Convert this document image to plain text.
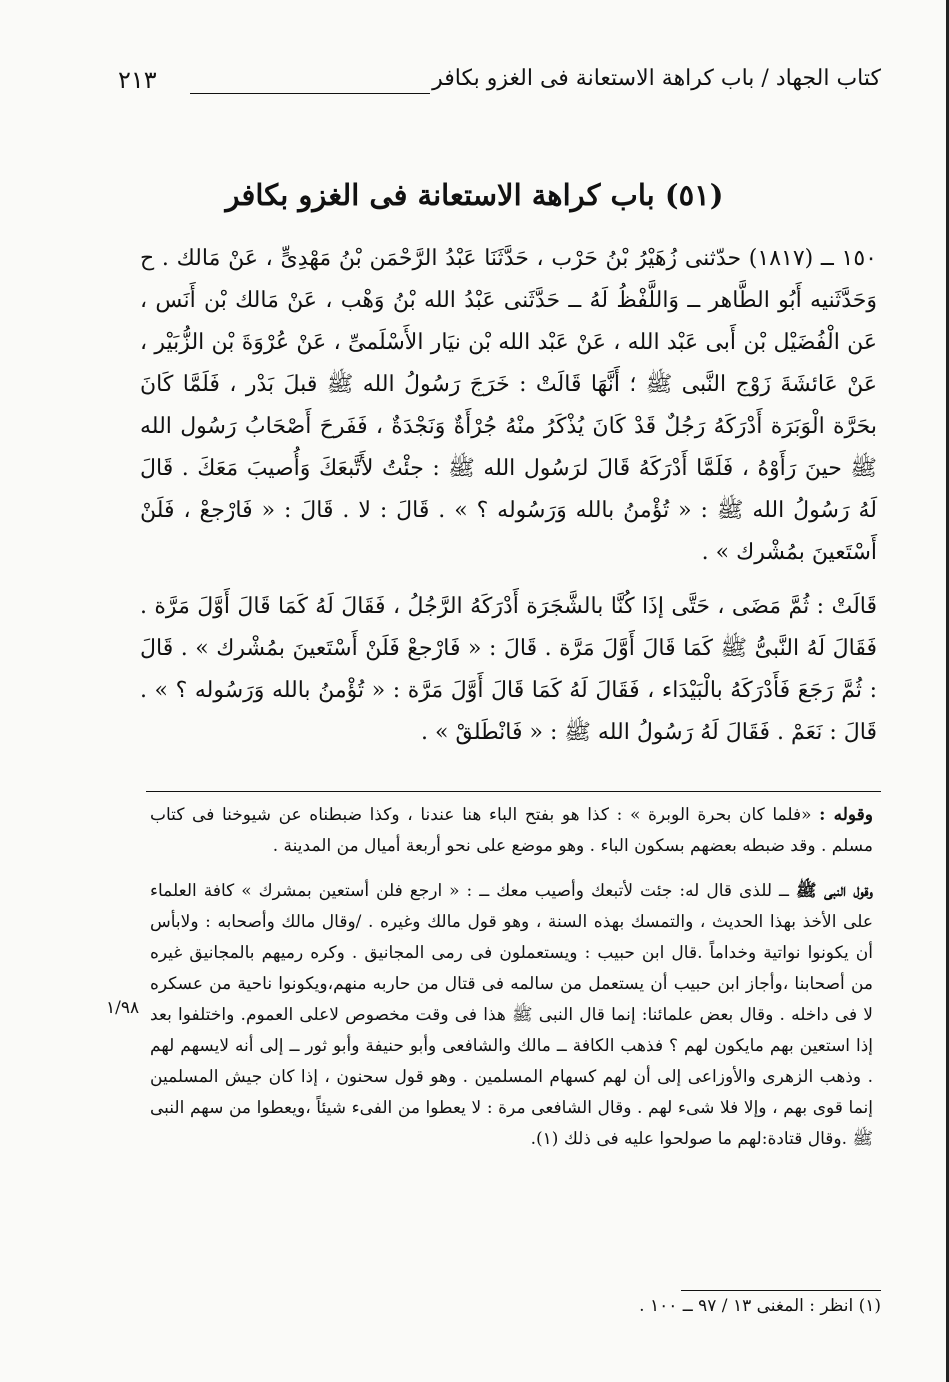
كتاب الجهاد / باب كراهة الاستعانة فى الغزو بكافر
٢١٣
(٥١) باب كراهة الاستعانة فى الغزو بكافر

١٥٠ ــ (١٨١٧) حدّثنى زُهَيْرُ بْنُ حَرْب ، حَدَّثَنَا عَبْدُ الرَّحْمَن بْنُ مَهْدِىٍّ ، عَنْ مَالك . ح وَحَدَّثَنيه أَبُو الطَّاهر ــ وَاللَّفْظُ لَهُ ــ حَدَّثَنى عَبْدُ الله بْنُ وَهْب ، عَنْ مَالك بْن أَنَس ، عَن الْفُضَيْل بْن أَبى عَبْد الله ، عَنْ عَبْد الله بْن نيَار الأَسْلَمىِّ ، عَنْ عُرْوَةَ بْن الزُّبَيْر ، عَنْ عَائشَةَ زَوْج النَّبى ﷺ ؛ أَنَّهَا قَالَتْ : خَرَجَ رَسُولُ الله ﷺ قبلَ بَدْر ، فَلَمَّا كَانَ بحَرَّة الْوَبَرَة أَدْرَكَهُ رَجُلٌ قَدْ كَانَ يُذْكَرُ منْهُ جُرْأَةٌ وَنَجْدَةٌ ، فَفَرحَ أَصْحَابُ رَسُول الله ﷺ حينَ رَأَوْهُ ، فَلَمَّا أَدْرَكَهُ قَالَ لرَسُول الله ﷺ : جئْتُ لأَتَّبعَكَ وَأُصيبَ مَعَكَ . قَالَ لَهُ رَسُولُ الله ﷺ : « تُؤْمنُ بالله وَرَسُوله ؟ » . قَالَ : لا . قَالَ : « فَارْجعْ ، فَلَنْ أَسْتَعينَ بمُشْرك » .

قَالَتْ : ثُمَّ مَضَى ، حَتَّى إذَا كُنَّا بالشَّجَرَة أَدْرَكَهُ الرَّجُلُ ، فَقَالَ لَهُ كَمَا قَالَ أَوَّلَ مَرَّة . فَقَالَ لَهُ النَّبىُّ ﷺ كَمَا قَالَ أَوَّلَ مَرَّة . قَالَ : « فَارْجعْ فَلَنْ أَسْتَعينَ بمُشْرك » . قَالَ : ثُمَّ رَجَعَ فَأَدْرَكَهُ بالْبَيْدَاء ، فَقَالَ لَهُ كَمَا قَالَ أَوَّلَ مَرَّة : « تُؤْمنُ بالله وَرَسُوله ؟ » . قَالَ : نَعَمْ . فَقَالَ لَهُ رَسُولُ الله ﷺ : « فَانْطَلقْ » .

وقوله : «فلما كان بحرة الوبرة » : كذا هو بفتح الباء هنا عندنا ، وكذا ضبطناه عن شيوخنا فى كتاب مسلم . وقد ضبطه بعضهم بسكون الباء . وهو موضع على نحو أربعة أميال من المدينة .

وقول النبى ﷺ ــ للذى قال له: جئت لأتبعك وأصيب معك ــ : « ارجع فلن أستعين بمشرك » كافة العلماء على الأخذ بهذا الحديث ، والتمسك بهذه السنة ، وهو قول مالك وغيره . /وقال مالك وأصحابه : ولابأس أن يكونوا نواتية وخداماً .قال ابن حبيب : ويستعملون فى رمى المجانيق . وكره رميهم بالمجانيق غيره من أصحابنا ،وأجاز ابن حبيب أن يستعمل من سالمه فى قتال من حاربه منهم،ويكونوا ناحية من عسكره لا فى داخله . وقال بعض علمائنا: إنما قال النبى ﷺ هذا فى وقت مخصوص لاعلى العموم. واختلفوا بعد إذا استعين بهم مايكون لهم ؟ فذهب الكافة ــ مالك والشافعى وأبو حنيفة وأبو ثور ــ إلى أنه لايسهم لهم . وذهب الزهرى والأوزاعى إلى أن لهم كسهام المسلمين . وهو قول سحنون ، إذا كان جيش المسلمين إنما قوى بهم ، وإلا فلا شىء لهم . وقال الشافعى مرة : لا يعطوا من الفىء شيئاً ،ويعطوا من سهم النبى ﷺ .وقال قتادة:لهم ما صولحوا عليه فى ذلك (١).

١/٩٨
(١) انظر : المغنى ١٣ / ٩٧ ــ ١٠٠ .
